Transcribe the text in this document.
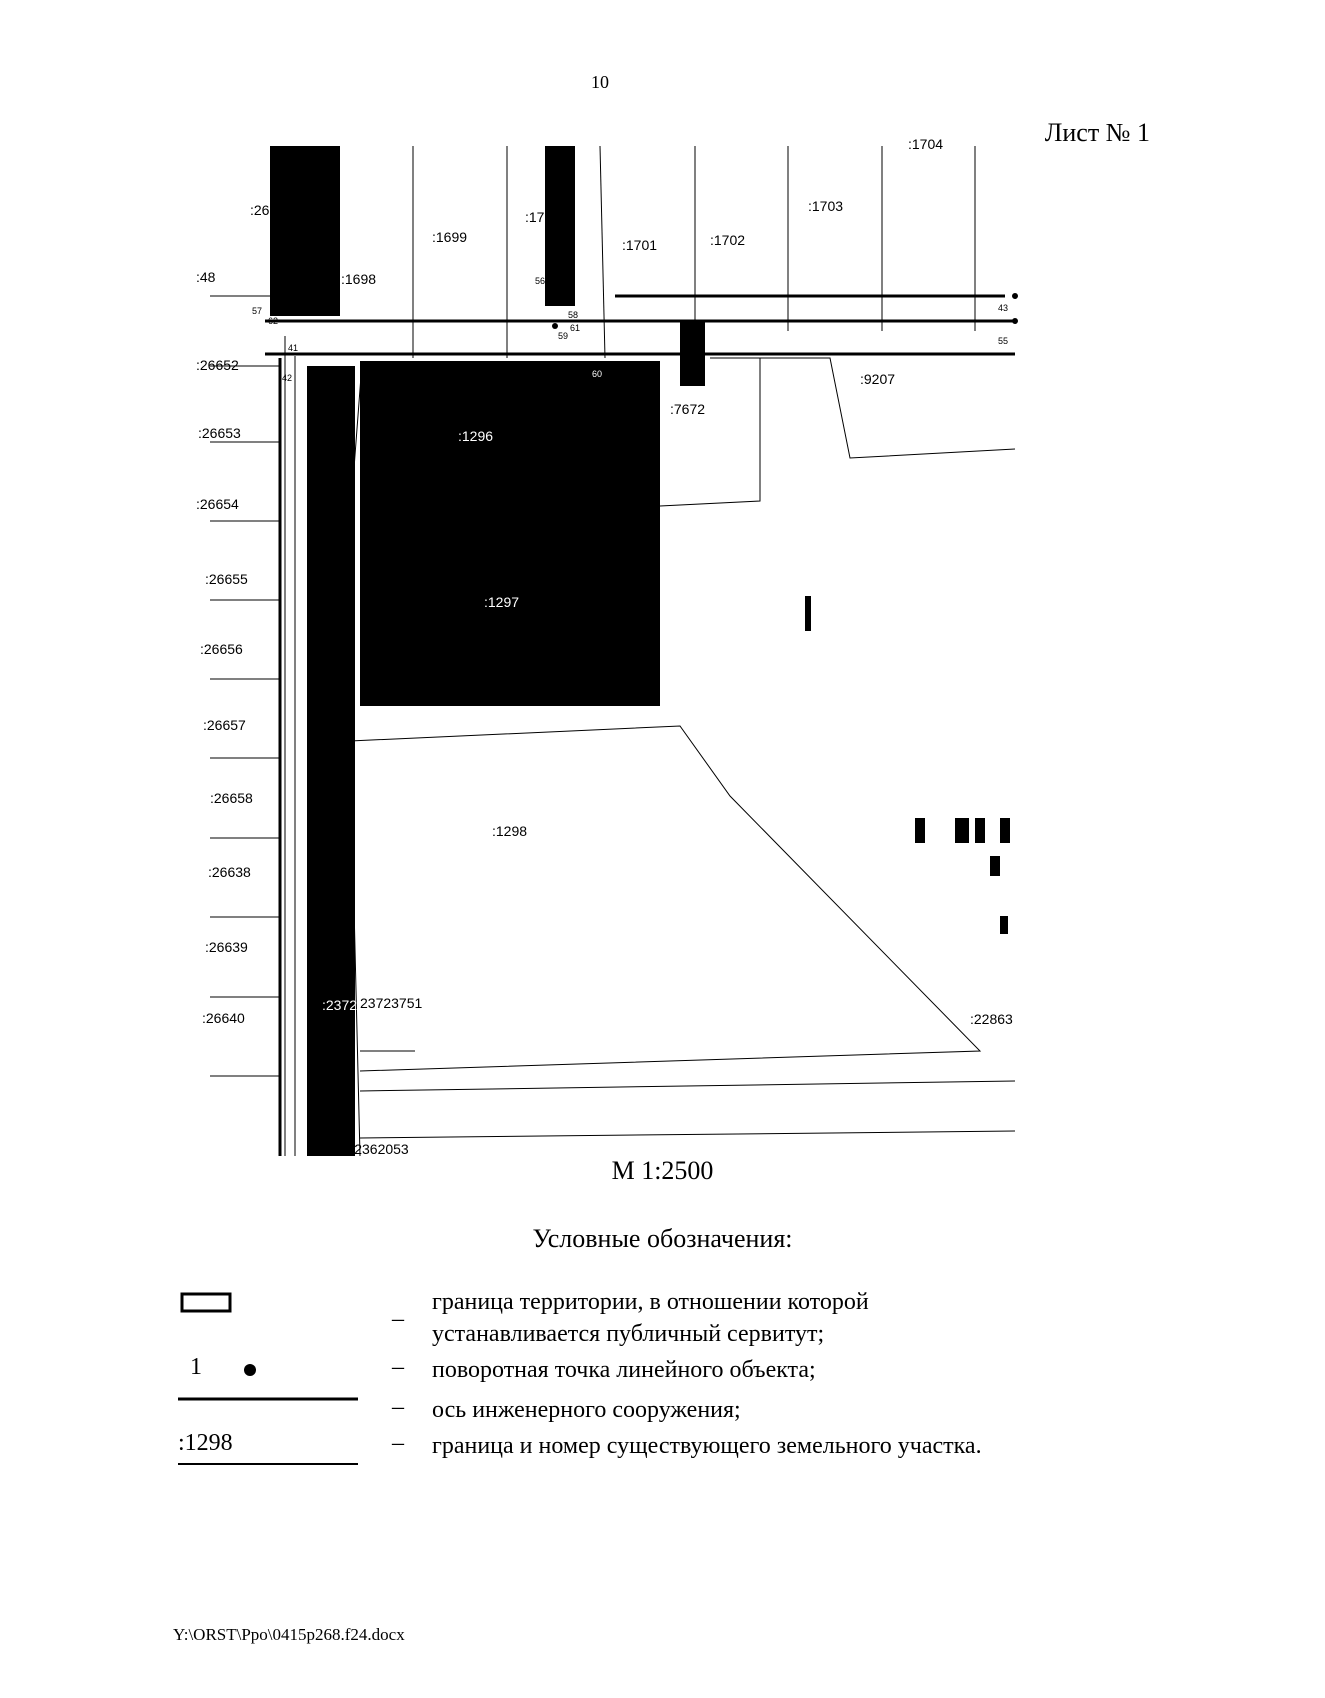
10
Лист № 1
:26912(66)
:1698
:1699
:1700
:1701	:1702
:1703
:1704
:9207
:7672
:48
:26652
:26653
:26654
:26655
:26656
:26657
:26658
:26638
:26639
:26640
:1298
:2372 23723751
:22863
:1162362053
:1296
:1297
41
42
43
55
56
57	58
59
60
61
62
М 1:2500
Условные обозначения:
_ граница территории, в отношении которой
устанавливается публичный сервитут;
1	– поворотная точка линейного объекта;
– ось инженерного сооружения;
:1298	– граница и номер существующего земельного участка.
Y:\ORST\Ppo\0415p268.f24.docx
